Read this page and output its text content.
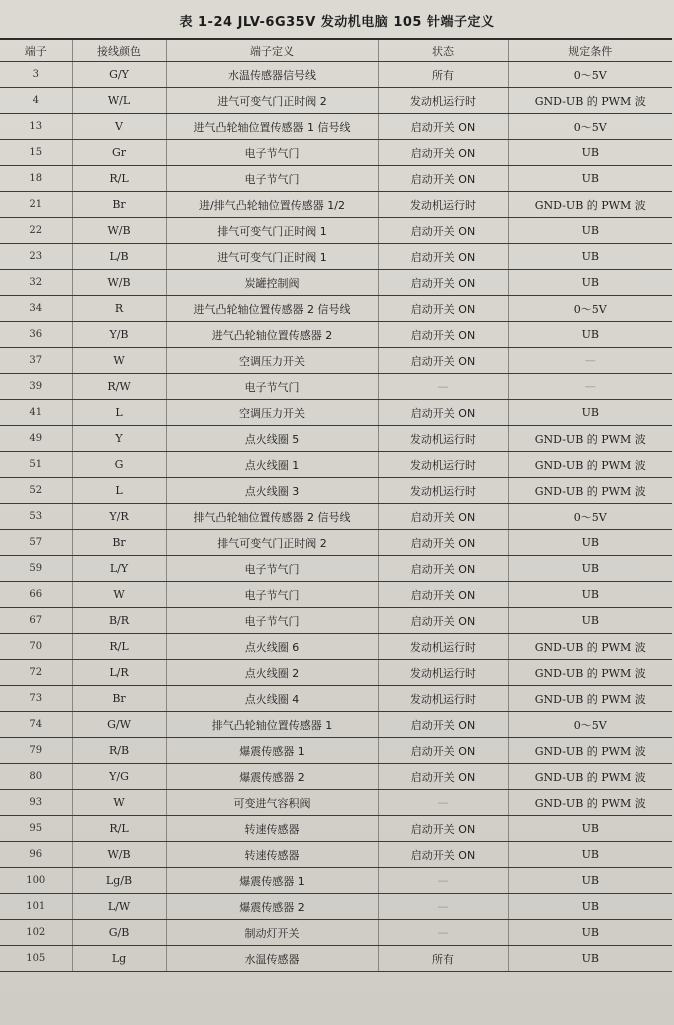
表 1-24 JLV-6G35V 发动机电脑 105 针端子定义
端子	接线颜色	端子定义	状态	规定条件
3	G/Y	水温传感器信号线	所有	0～5V
4	W/L	进气可变气门正时阀 2	发动机运行时	GND-UB 的 PWM 波
13	V	进气凸轮轴位置传感器 1 信号线	启动开关 ON	0～5V
15	Gr	电子节气门	启动开关 ON	UB
18	R/L	电子节气门	启动开关 ON	UB
21	Br	进/排气凸轮轴位置传感器 1/2	发动机运行时	GND-UB 的 PWM 波
22	W/B	排气可变气门正时阀 1	启动开关 ON	UB
23	L/B	进气可变气门正时阀 1	启动开关 ON	UB
32	W/B	炭罐控制阀	启动开关 ON	UB
34	R	进气凸轮轴位置传感器 2 信号线	启动开关 ON	0～5V
36	Y/B	进气凸轮轴位置传感器 2	启动开关 ON	UB
37	W	空调压力开关	启动开关 ON	—
39	R/W	电子节气门	—	—
41	L	空调压力开关	启动开关 ON	UB
49	Y	点火线圈 5	发动机运行时	GND-UB 的 PWM 波
51	G	点火线圈 1	发动机运行时	GND-UB 的 PWM 波
52	L	点火线圈 3	发动机运行时	GND-UB 的 PWM 波
53	Y/R	排气凸轮轴位置传感器 2 信号线	启动开关 ON	0～5V
57	Br	排气可变气门正时阀 2	启动开关 ON	UB
59	L/Y	电子节气门	启动开关 ON	UB
66	W	电子节气门	启动开关 ON	UB
67	B/R	电子节气门	启动开关 ON	UB
70	R/L	点火线圈 6	发动机运行时	GND-UB 的 PWM 波
72	L/R	点火线圈 2	发动机运行时	GND-UB 的 PWM 波
73	Br	点火线圈 4	发动机运行时	GND-UB 的 PWM 波
74	G/W	排气凸轮轴位置传感器 1	启动开关 ON	0～5V
79	R/B	爆震传感器 1	启动开关 ON	GND-UB 的 PWM 波
80	Y/G	爆震传感器 2	启动开关 ON	GND-UB 的 PWM 波
93	W	可变进气容积阀	—	GND-UB 的 PWM 波
95	R/L	转速传感器	启动开关 ON	UB
96	W/B	转速传感器	启动开关 ON	UB
100	Lg/B	爆震传感器 1	—	UB
101	L/W	爆震传感器 2	—	UB
102	G/B	制动灯开关	—	UB
105	Lg	水温传感器	所有	UB
